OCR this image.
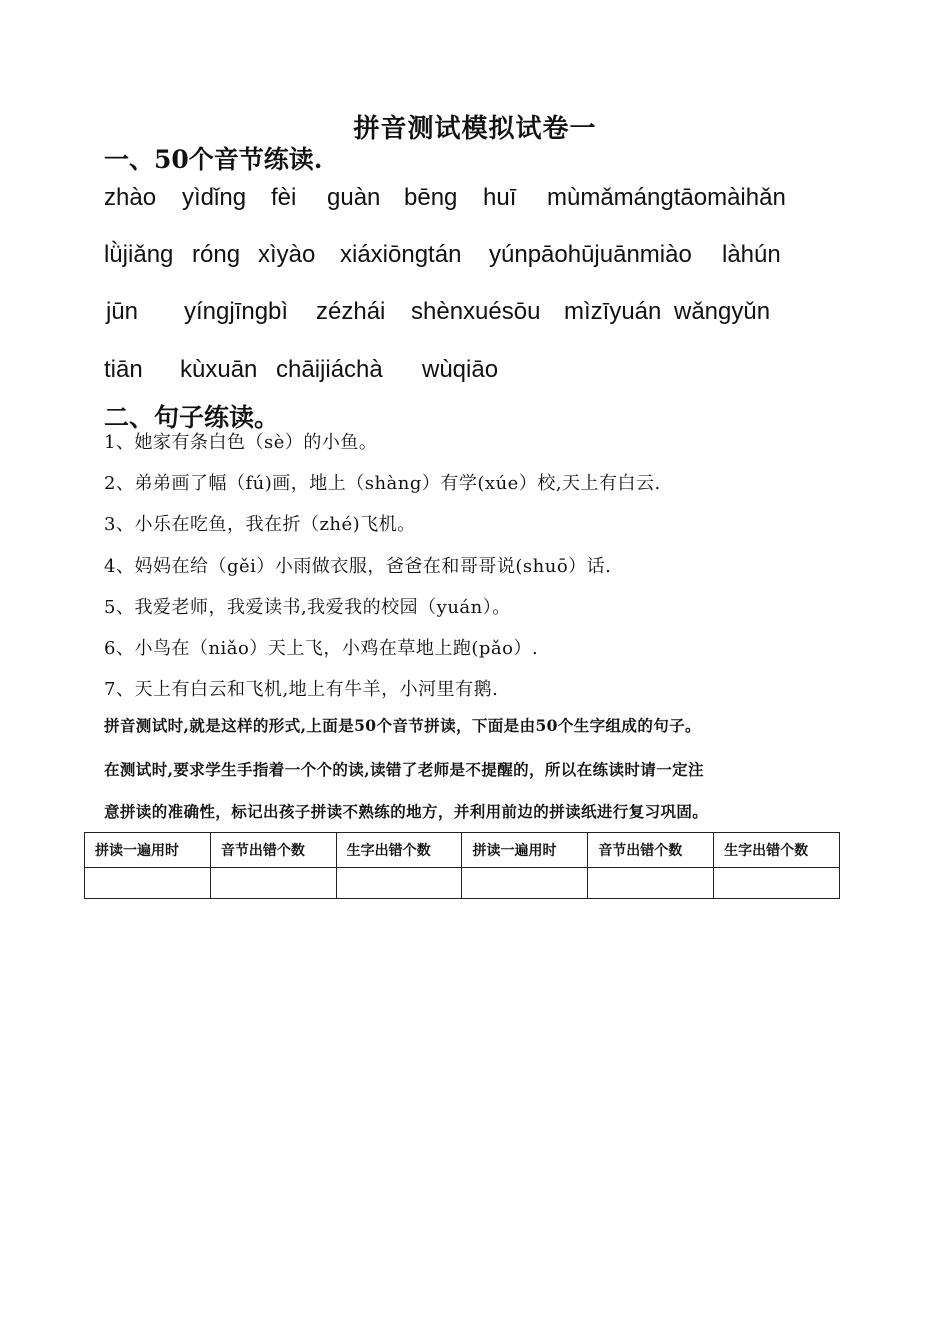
拼音测试模拟试卷一
一、50个音节练读.
zhào yìdǐng fèi guàn bēng huī mùmǎmángtāomàihǎn
lǜjiǎng róng xìyào xiáxiōngtán yúnpāohūjuānmiào làhún
jūn yíngjīngbì zézhái shènxuésōu mìzīyuán wǎngyǔn
tiān kùxuān chāijiáchà wùqiāo
二、句子练读。
1、她家有条白色（sè）的小鱼。
2、弟弟画了幅（fú)画，地上（shàng）有学(xúe）校,天上有白云.
3、小乐在吃鱼，我在折（zhé)飞机。
4、妈妈在给（gěi）小雨做衣服，爸爸在和哥哥说(shuō）话.
5、我爱老师，我爱读书,我爱我的校园（yuán）。
6、小鸟在（niǎo）天上飞，小鸡在草地上跑(pǎo）.
7、天上有白云和飞机,地上有牛羊，小河里有鹅.
拼音测试时,就是这样的形式,上面是50个音节拼读，下面是由50个生字组成的句子。
在测试时,要求学生手指着一个个的读,读错了老师是不提醒的，所以在练读时请一定注
意拼读的准确性，标记出孩子拼读不熟练的地方，并利用前边的拼读纸进行复习巩固。
拼读一遍用时	音节出错个数	生字出错个数	拼读一遍用时	音节出错个数	生字出错个数
